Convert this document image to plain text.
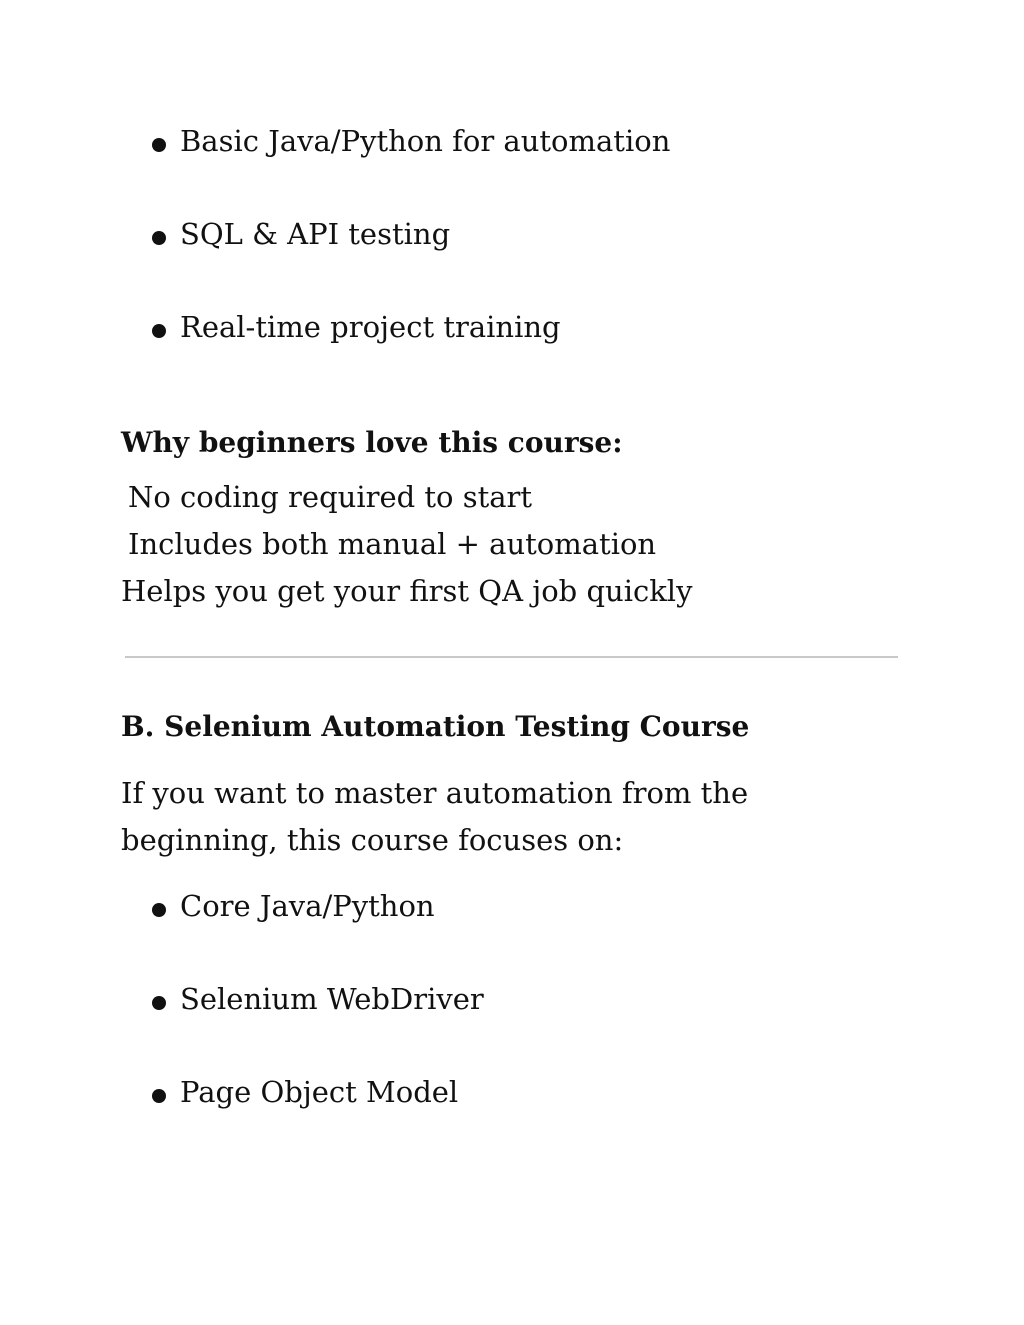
Basic Java/Python for automation
SQL & API testing
Real-time project training
Why beginners love this course:
No coding required to start
Includes both manual + automation
Helps you get your first QA job quickly
B. Selenium Automation Testing Course

If you want to master automation from the beginning, this course focuses on:

Core Java/Python
Selenium WebDriver
Page Object Model
